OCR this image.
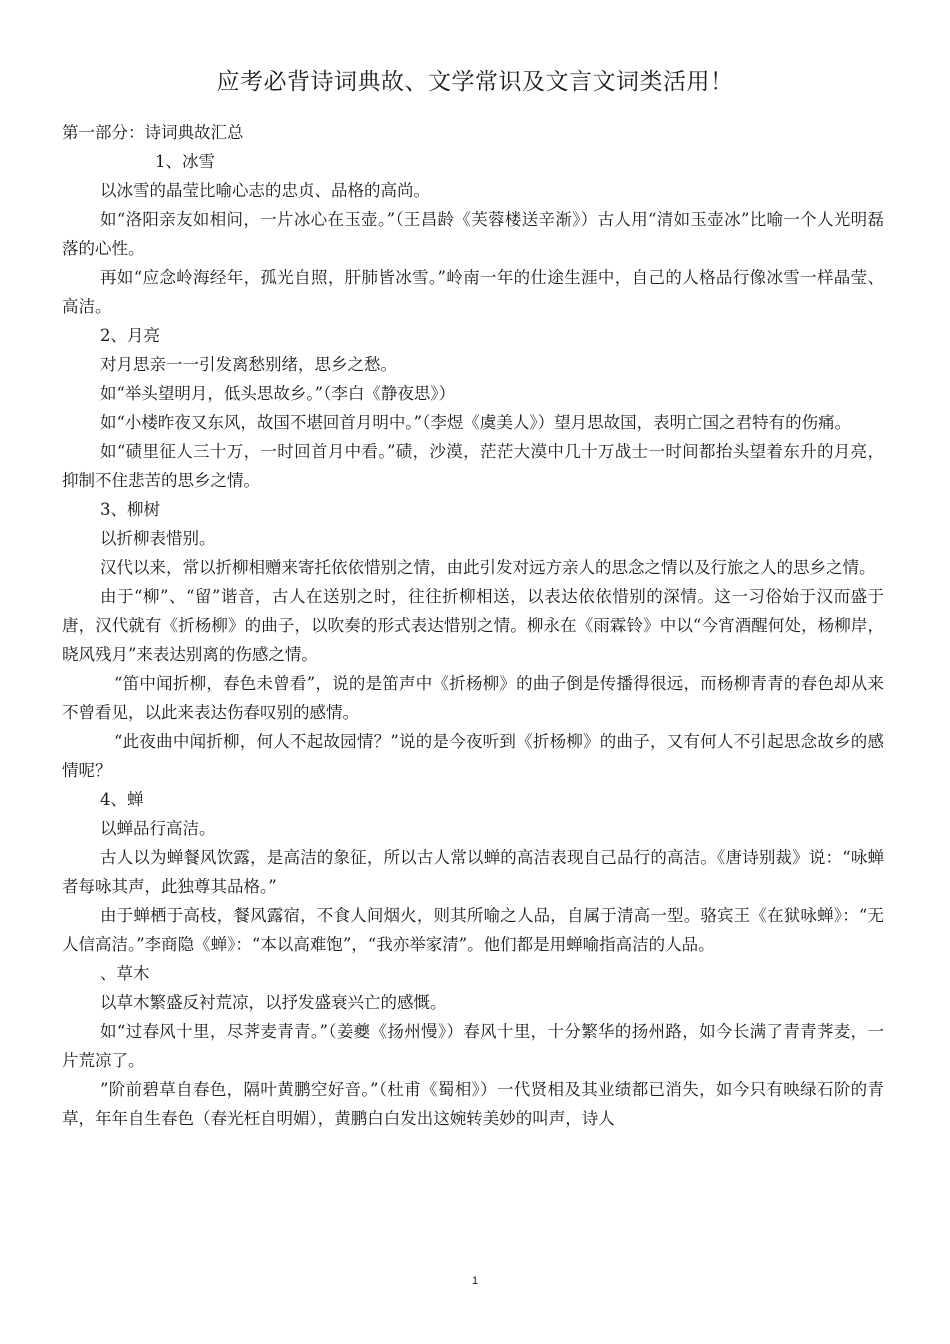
应考必背诗词典故、文学常识及文言文词类活用！

第一部分：诗词典故汇总

1、冰雪

以冰雪的晶莹比喻心志的忠贞、品格的高尚。

如“洛阳亲友如相问，一片冰心在玉壶。”（王昌龄《芙蓉楼送辛渐》）古人用“清如玉壶冰”比喻一个人光明磊落的心性。

再如“应念岭海经年，孤光自照，肝肺皆冰雪。”岭南一年的仕途生涯中，自己的人格品行像冰雪一样晶莹、高洁。

2、月亮

对月思亲一一引发离愁别绪，思乡之愁。

如“举头望明月，低头思故乡。”（李白《静夜思》）

如“小楼昨夜又东风，故国不堪回首月明中。”（李煜《虞美人》）望月思故国，表明亡国之君特有的伤痛。

如“碛里征人三十万，一时回首月中看。”碛，沙漠，茫茫大漠中几十万战士一时间都抬头望着东升的月亮，抑制不住悲苦的思乡之情。

3、柳树

以折柳表惜别。

汉代以来，常以折柳相赠来寄托依依惜别之情，由此引发对远方亲人的思念之情以及行旅之人的思乡之情。

由于“柳”、“留”谐音，古人在送别之时，往往折柳相送，以表达依依惜别的深情。这一习俗始于汉而盛于唐，汉代就有《折杨柳》的曲子，以吹奏的形式表达惜别之情。柳永在《雨霖铃》中以“今宵酒醒何处，杨柳岸，晓风残月”来表达别离的伤感之情。

“笛中闻折柳，春色未曾看”，说的是笛声中《折杨柳》的曲子倒是传播得很远，而杨柳青青的春色却从来不曾看见，以此来表达伤春叹别的感情。

“此夜曲中闻折柳，何人不起故园情？”说的是今夜听到《折杨柳》的曲子，又有何人不引起思念故乡的感情呢？

4、蝉

以蝉品行高洁。

古人以为蝉餐风饮露，是高洁的象征，所以古人常以蝉的高洁表现自己品行的高洁。《唐诗别裁》说：“咏蝉者每咏其声，此独尊其品格。”

由于蝉栖于高枝，餐风露宿，不食人间烟火，则其所喻之人品，自属于清高一型。骆宾王《在狱咏蝉》：“无人信高洁。”李商隐《蝉》：“本以高难饱”，“我亦举家清”。他们都是用蝉喻指高洁的人品。

、草木

以草木繁盛反衬荒凉，以抒发盛衰兴亡的感慨。

如“过春风十里，尽荠麦青青。”（姜夔《扬州慢》）春风十里，十分繁华的扬州路，如今长满了青青荠麦，一片荒凉了。

”阶前碧草自春色，隔叶黄鹏空好音。”（杜甫《蜀相》）一代贤相及其业绩都已消失，如今只有映绿石阶的青草，年年自生春色（春光枉自明媚），黄鹏白白发出这婉转美妙的叫声，诗人

1
